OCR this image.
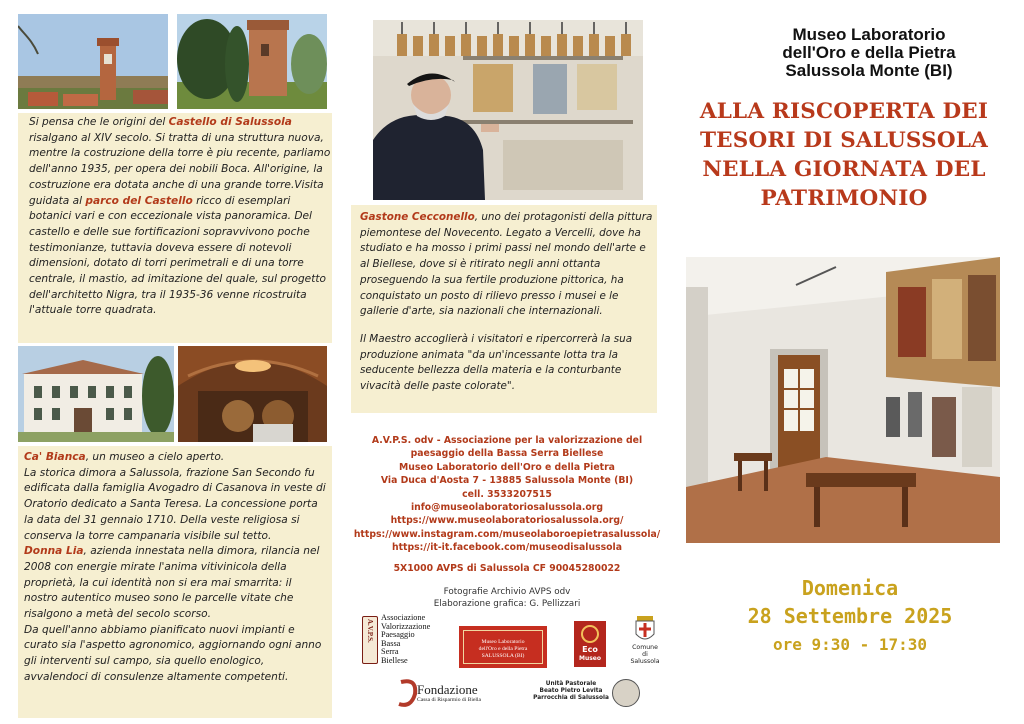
Si pensa che le origini del Castello di Salussola risalgano al XIV secolo. Si tratta di una struttura nuova, mentre la costruzione della torre è piu recente, parliamo dell'anno 1935, per opera dei nobili Boca. All'origine, la costruzione era dotata anche di una grande torre.Visita guidata al parco del Castello ricco di esemplari botanici vari e con eccezionale vista panoramica. Del castello e delle sue fortificazioni sopravvivono poche testimonianze, tuttavia doveva essere di notevoli dimensioni, dotato di torri perimetrali e di una torre centrale, il mastio, ad imitazione del quale, sul progetto dell'architetto Nigra, tra il 1935-36 venne ricostruita l'attuale torre quadrata.

Ca' Bianca, un museo a cielo aperto.

La storica dimora a Salussola, frazione San Secondo fu edificata dalla famiglia Avogadro di Casanova in veste di Oratorio dedicato a Santa Teresa. La concessione porta la data del 31 gennaio 1710. Della veste religiosa si conserva la torre campanaria visibile sul tetto.

Donna Lia, azienda innestata nella dimora, rilancia nel 2008 con energie mirate l'anima vitivinicola della proprietà, la cui identità non si era mai smarrita: il nostro autentico museo sono le parcelle vitate che risalgono a metà del secolo scorso.

Da quell'anno abbiamo pianificato nuovi impianti e curato sia l'aspetto agronomico, aggiornando ogni anno gli interventi sul campo, sia quello enologico, avvalendoci di consulenze altamente competenti.

Gastone Cecconello, uno dei protagonisti della pittura piemontese del Novecento. Legato a Vercelli, dove ha studiato e ha mosso i primi passi nel mondo dell'arte e al Biellese, dove si è ritirato negli anni ottanta proseguendo la sua fertile produzione pittorica, ha conquistato un posto di rilievo presso i musei e le gallerie d'arte, sia nazionali che internazionali.

Il Maestro accoglierà i visitatori e ripercorrerà la sua produzione animata "da un'incessante lotta tra la seducente bellezza della materia e la conturbante vivacità delle paste colorate".

A.V.P.S. odv - Associazione per la valorizzazione del
paesaggio della Bassa Serra Biellese
Museo Laboratorio dell'Oro e della Pietra
Via Duca d'Aosta 7 - 13885 Salussola Monte (BI)
cell. 3533207515
info@museolaboratoriosalussola.org
https://www.museolaboratoriosalussola.org/
https://www.instagram.com/museolaboroepietrasalussola/
https://it-it.facebook.com/museodisalussola
5X1000 AVPS di Salussola CF 90045280022
Fotografie Archivio AVPS odv
Elaborazione grafica: G. Pellizzari
A.V.P.S.
Associazione
Valorizzazione
Paesaggio
Bassa
Serra
Biellese
Museo Laboratorio
dell'Oro e della Pietra
SALUSSOLA (BI)
Eco
Museo
Comune
di Salussola
Fondazione
Cassa di Risparmio di Biella
Unità Pastorale
Beato Pietro Levita
Parrocchia di Salussola
Museo Laboratorio
dell'Oro e della Pietra
Salussola Monte (BI)
ALLA RISCOPERTA DEI
TESORI DI SALUSSOLA
NELLA GIORNATA DEL
PATRIMONIO
Domenica
28 Settembre 2025
ore 9:30 - 17:30
